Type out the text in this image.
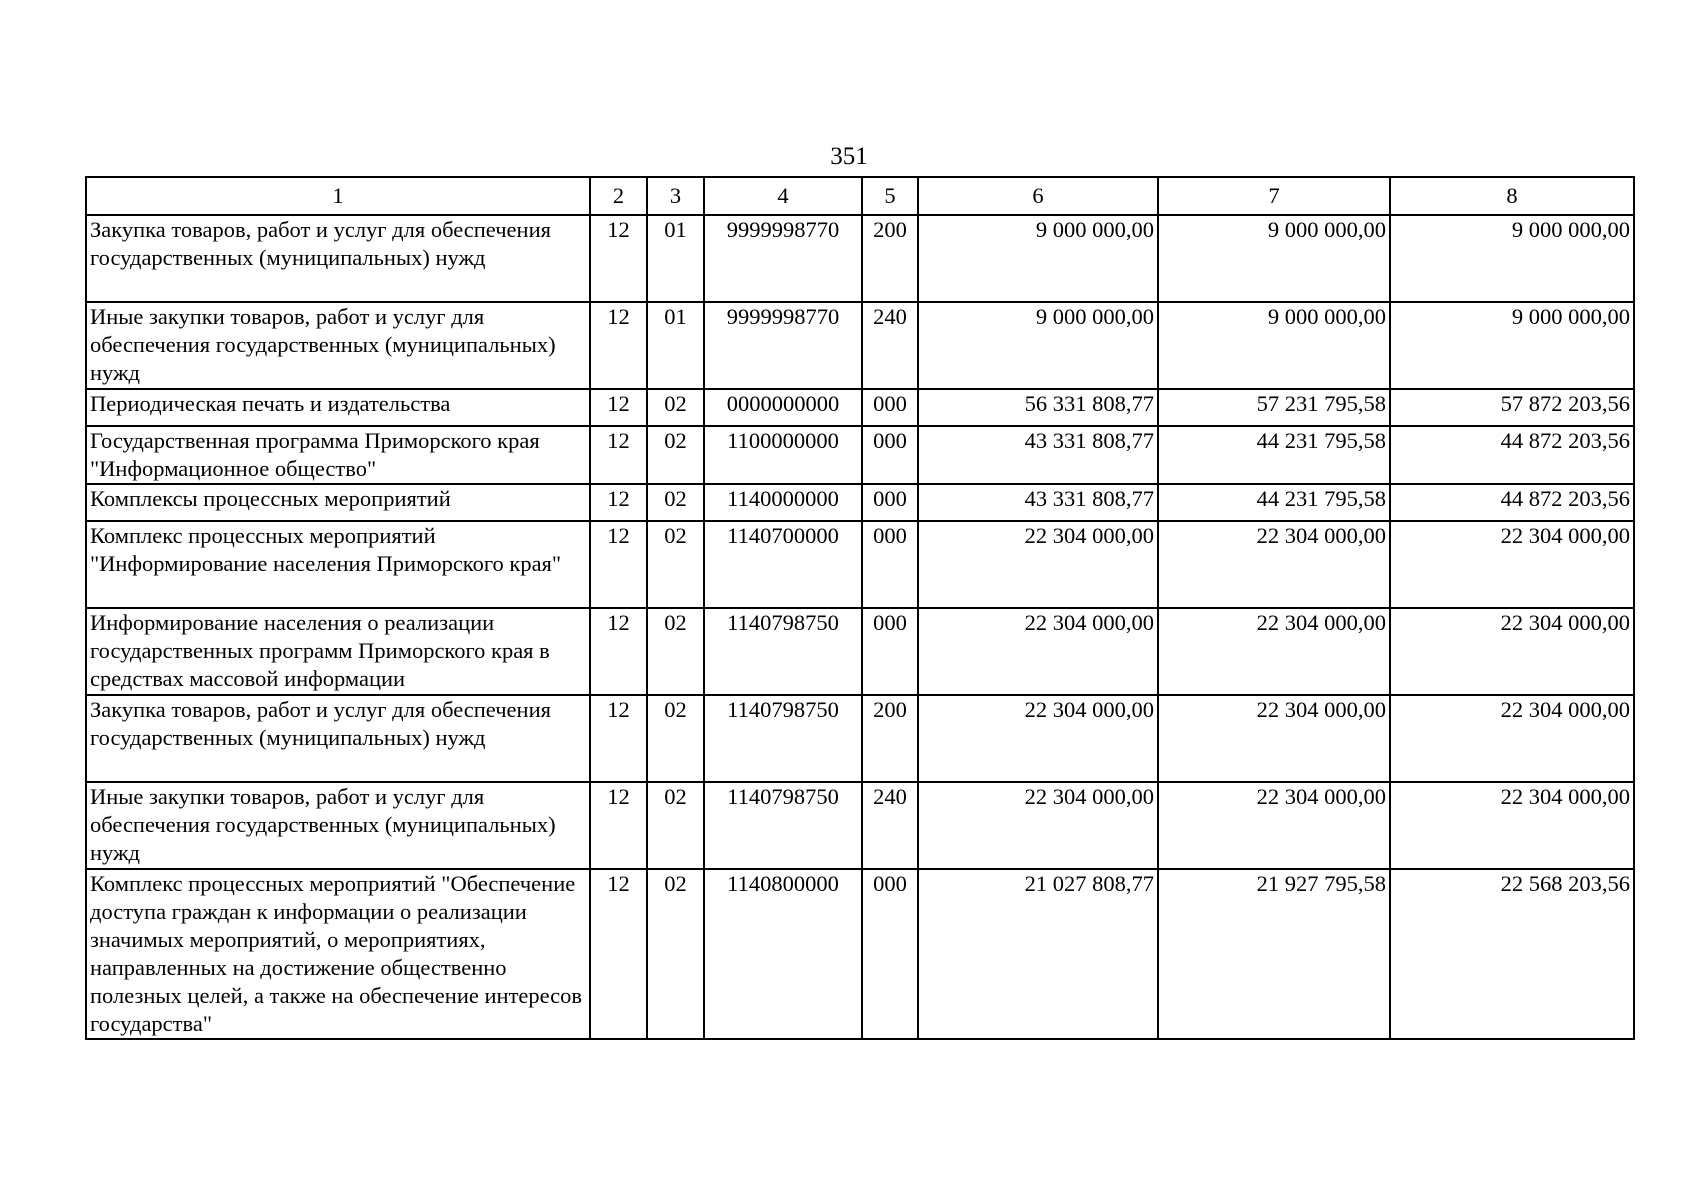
351
1	2	3	4	5	6	7	8
Закупка товаров, работ и услуг для обеспечения государственных (муниципальных) нужд	12	01	9999998770	200	9 000 000,00	9 000 000,00	9 000 000,00
Иные закупки товаров, работ и услуг для обеспечения государственных (муниципальных) нужд	12	01	9999998770	240	9 000 000,00	9 000 000,00	9 000 000,00
Периодическая печать и издательства	12	02	0000000000	000	56 331 808,77	57 231 795,58	57 872 203,56
Государственная программа Приморского края "Информационное общество"	12	02	1100000000	000	43 331 808,77	44 231 795,58	44 872 203,56
Комплексы процессных мероприятий	12	02	1140000000	000	43 331 808,77	44 231 795,58	44 872 203,56
Комплекс процессных мероприятий "Информирование населения Приморского края"	12	02	1140700000	000	22 304 000,00	22 304 000,00	22 304 000,00
Информирование населения о реализации государственных программ Приморского края в средствах массовой информации	12	02	1140798750	000	22 304 000,00	22 304 000,00	22 304 000,00
Закупка товаров, работ и услуг для обеспечения государственных (муниципальных) нужд	12	02	1140798750	200	22 304 000,00	22 304 000,00	22 304 000,00
Иные закупки товаров, работ и услуг для обеспечения государственных (муниципальных) нужд	12	02	1140798750	240	22 304 000,00	22 304 000,00	22 304 000,00
Комплекс процессных мероприятий "Обеспечение доступа граждан к информации о реализации значимых мероприятий, о мероприятиях, направленных на достижение общественно полезных целей, а также на обеспечение интересов государства"	12	02	1140800000	000	21 027 808,77	21 927 795,58	22 568 203,56
